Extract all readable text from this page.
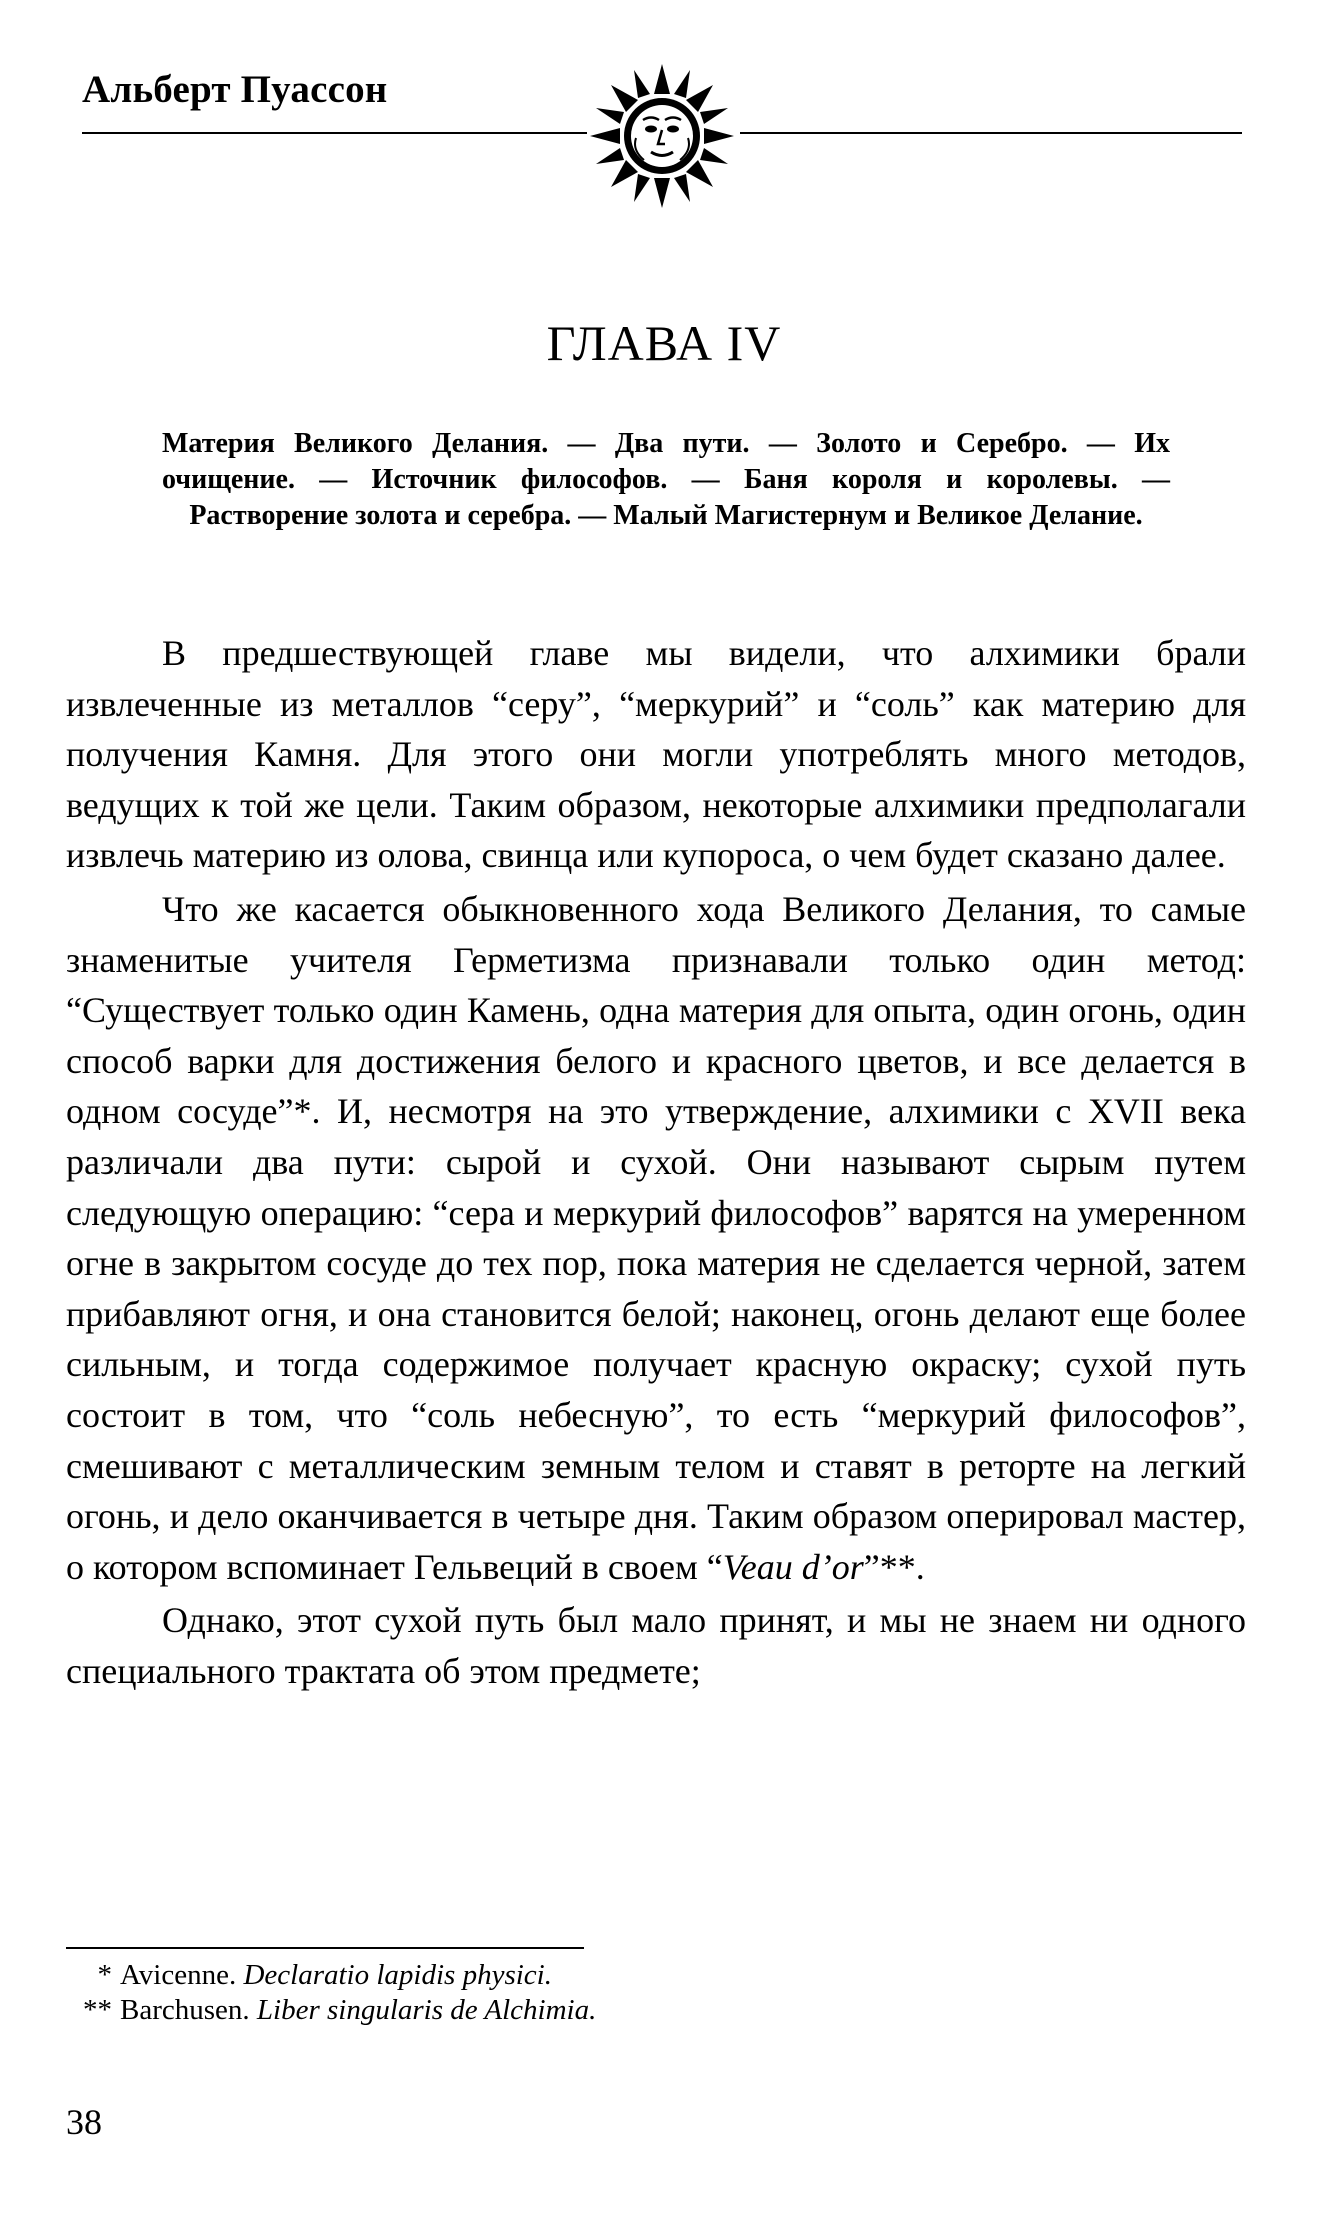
Альберт Пуассон
ГЛАВА IV
Материя Великого Делания. — Два пути. — Золото и Серебро. — Их очищение. — Источник философов. — Баня короля и королевы. — Растворение золота и серебра. — Малый Магистернум и Великое Делание.

В предшествующей главе мы видели, что алхимики брали извлеченные из металлов “серу”, “меркурий” и “соль” как материю для получения Камня. Для этого они могли употреблять много методов, ведущих к той же цели. Таким образом, некоторые алхимики предполагали извлечь материю из олова, свинца или купороса, о чем будет сказано далее.

Что же касается обыкновенного хода Великого Делания, то самые знаменитые учителя Герметизма признавали только один метод: “Существует только один Камень, одна материя для опыта, один огонь, один способ варки для достижения белого и красного цветов, и все делается в одном сосуде”*. И, несмотря на это утверждение, алхимики с XVII века различали два пути: сырой и сухой. Они называют сырым путем следующую операцию: “сера и меркурий философов” варятся на умеренном огне в закрытом сосуде до тех пор, пока материя не сделается черной, затем прибавляют огня, и она становится белой; наконец, огонь делают еще более сильным, и тогда содержимое получает красную окраску; сухой путь состоит в том, что “соль небесную”, то есть “меркурий философов”, смешивают с металлическим земным телом и ставят в реторте на легкий огонь, и дело оканчивается в четыре дня. Таким образом оперировал мастер, о котором вспоминает Гельвеций в своем “Veau d’or”**.

Однако, этот сухой путь был мало принят, и мы не знаем ни одного специального трактата об этом предмете;

* Avicenne. Declaratio lapidis physici.
** Barchusen. Liber singularis de Alchimia.
38
